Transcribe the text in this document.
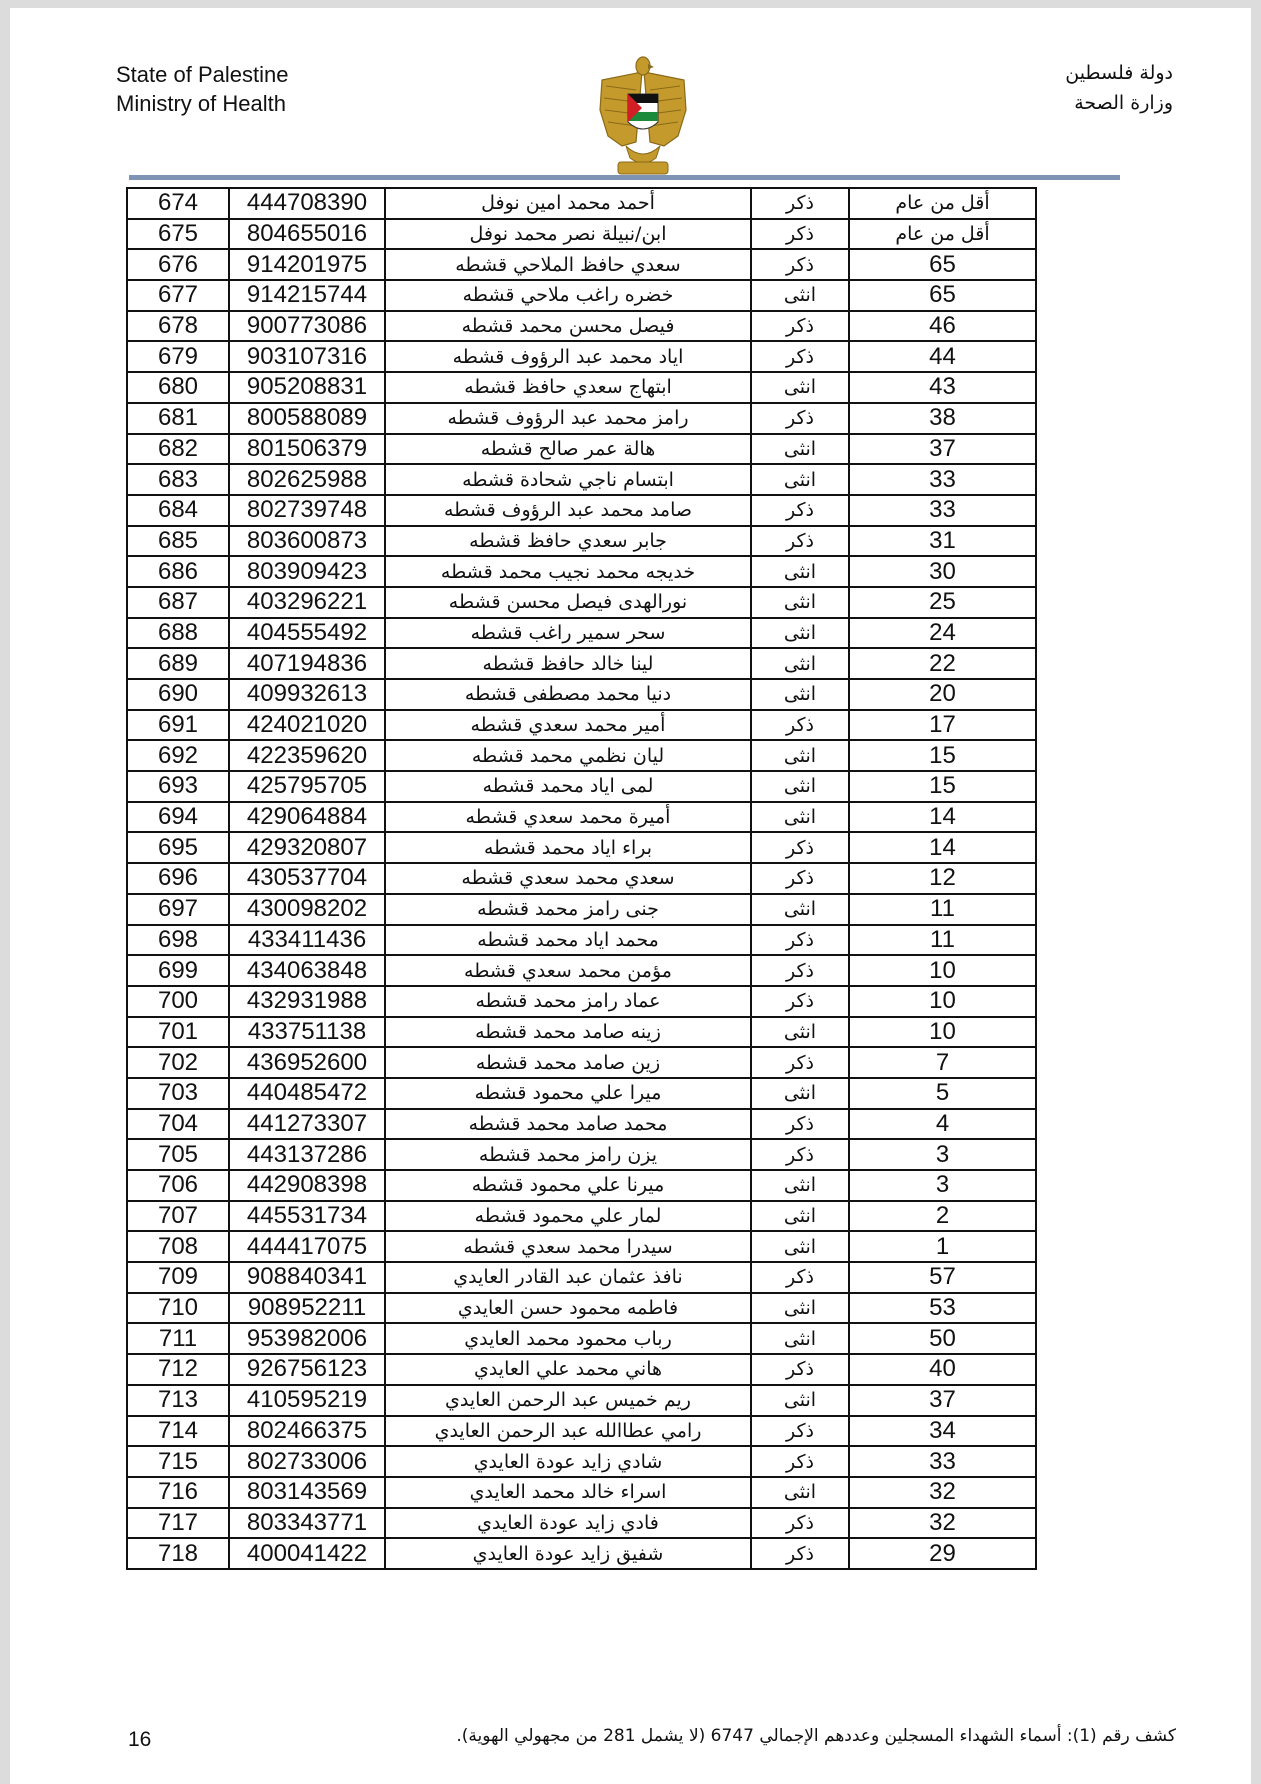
State of Palestine
Ministry of Health
دولة فلسطين
وزارة الصحة
674	444708390	أحمد محمد امين نوفل	ذكر	أقل من عام
675	804655016	ابن/نبيلة نصر محمد نوفل	ذكر	أقل من عام
676	914201975	سعدي حافظ الملاحي قشطه	ذكر	65
677	914215744	خضره راغب ملاحي قشطه	انثى	65
678	900773086	فيصل محسن محمد قشطه	ذكر	46
679	903107316	اياد محمد عبد الرؤوف قشطه	ذكر	44
680	905208831	ابتهاج سعدي حافظ قشطه	انثى	43
681	800588089	رامز محمد عبد الرؤوف قشطه	ذكر	38
682	801506379	هالة عمر صالح قشطه	انثى	37
683	802625988	ابتسام ناجي شحادة قشطه	انثى	33
684	802739748	صامد محمد عبد الرؤوف قشطه	ذكر	33
685	803600873	جابر سعدي حافظ قشطه	ذكر	31
686	803909423	خديجه محمد نجيب محمد قشطه	انثى	30
687	403296221	نورالهدى فيصل محسن قشطه	انثى	25
688	404555492	سحر سمير راغب قشطه	انثى	24
689	407194836	لينا خالد حافظ قشطه	انثى	22
690	409932613	دنيا محمد مصطفى قشطه	انثى	20
691	424021020	أمير محمد سعدي قشطه	ذكر	17
692	422359620	ليان نظمي محمد قشطه	انثى	15
693	425795705	لمى اياد محمد قشطه	انثى	15
694	429064884	أميرة محمد سعدي قشطه	انثى	14
695	429320807	براء اياد محمد قشطه	ذكر	14
696	430537704	سعدي محمد سعدي قشطه	ذكر	12
697	430098202	جنى رامز محمد قشطه	انثى	11
698	433411436	محمد اياد محمد قشطه	ذكر	11
699	434063848	مؤمن محمد سعدي قشطه	ذكر	10
700	432931988	عماد رامز محمد قشطه	ذكر	10
701	433751138	زينه صامد محمد قشطه	انثى	10
702	436952600	زين صامد محمد قشطه	ذكر	7
703	440485472	ميرا علي محمود قشطه	انثى	5
704	441273307	محمد صامد محمد قشطه	ذكر	4
705	443137286	يزن رامز محمد قشطه	ذكر	3
706	442908398	ميرنا علي محمود قشطه	انثى	3
707	445531734	لمار علي محمود قشطه	انثى	2
708	444417075	سيدرا محمد سعدي قشطه	انثى	1
709	908840341	نافذ عثمان عبد القادر العايدي	ذكر	57
710	908952211	فاطمه محمود حسن العايدي	انثى	53
711	953982006	رباب محمود محمد العايدي	انثى	50
712	926756123	هاني محمد علي العايدي	ذكر	40
713	410595219	ريم خميس عبد الرحمن العايدي	انثى	37
714	802466375	رامي عطاالله عبد الرحمن العايدي	ذكر	34
715	802733006	شادي زايد عودة العايدي	ذكر	33
716	803143569	اسراء خالد محمد العايدي	انثى	32
717	803343771	فادي زايد عودة العايدي	ذكر	32
718	400041422	شفيق زايد عودة العايدي	ذكر	29
16	كشف رقم (1): أسماء الشهداء المسجلين وعددهم الإجمالي 6747 (لا يشمل 281 من مجهولي الهوية).
